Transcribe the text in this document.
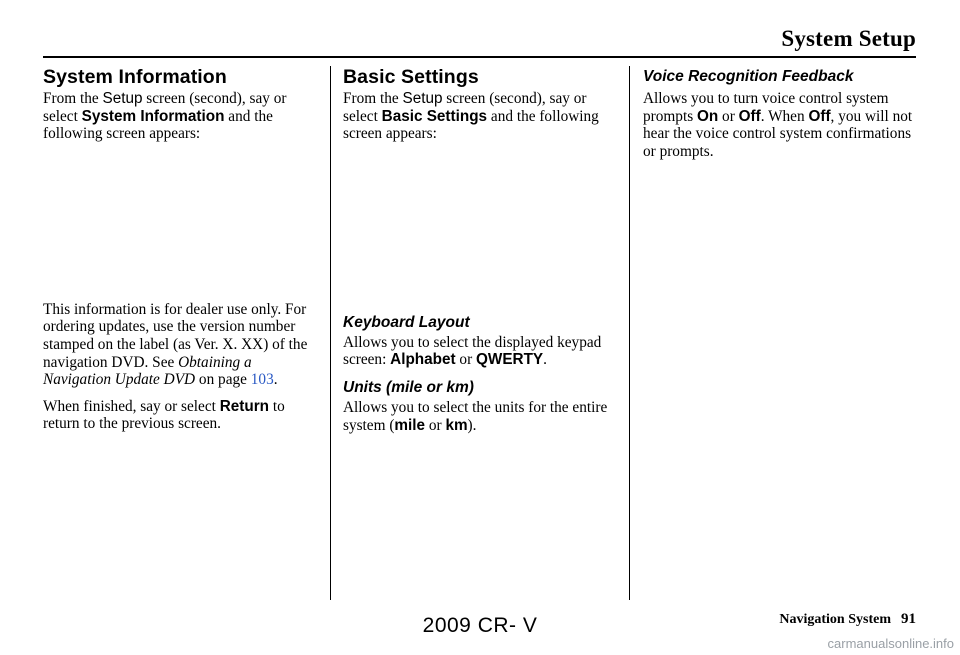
System Setup
System Information

From the Setup screen (second), say or select System Information and the following screen appears:

This information is for dealer use only. For ordering updates, use the version number stamped on the label (as Ver. X. XX) of the navigation DVD. See Obtaining a Navigation Update DVD on page 103.

When finished, say or select Return to return to the previous screen.

Basic Settings

From the Setup screen (second), say or select Basic Settings and the following screen appears:

Keyboard Layout

Allows you to select the displayed keypad screen: Alphabet or QWERTY.

Units (mile or km)

Allows you to select the units for the entire system (mile or km).

Voice Recognition Feedback

Allows you to turn voice control system prompts On or Off. When Off, you will not hear the voice control system confirmations or prompts.

Navigation System 91
2009 CR- V
carmanualsonline.info
